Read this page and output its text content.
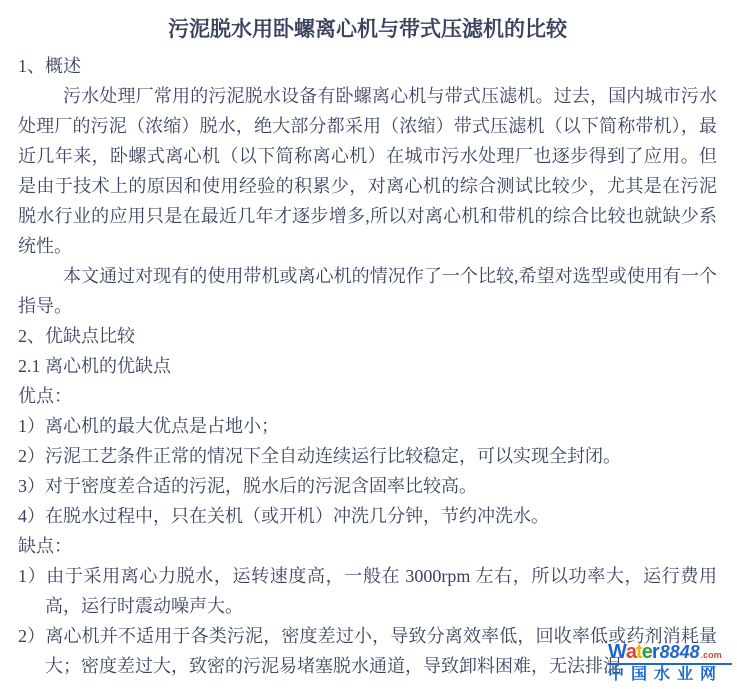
污泥脱水用卧螺离心机与带式压滤机的比较
1、概述
污水处理厂常用的污泥脱水设备有卧螺离心机与带式压滤机。过去，国内城市污水处理厂的污泥（浓缩）脱水，绝大部分都采用（浓缩）带式压滤机（以下简称带机），最近几年来，卧螺式离心机（以下简称离心机）在城市污水处理厂也逐步得到了应用。但是由于技术上的原因和使用经验的积累少，对离心机的综合测试比较少，尤其是在污泥脱水行业的应用只是在最近几年才逐步增多,所以对离心机和带机的综合比较也就缺少系统性。
本文通过对现有的使用带机或离心机的情况作了一个比较,希望对选型或使用有一个指导。
2、优缺点比较
2.1 离心机的优缺点
优点：
1）离心机的最大优点是占地小；
2）污泥工艺条件正常的情况下全自动连续运行比较稳定，可以实现全封闭。
3）对于密度差合适的污泥，脱水后的污泥含固率比较高。
4）在脱水过程中，只在关机（或开机）冲洗几分钟，节约冲洗水。
缺点：
1）由于采用离心力脱水，运转速度高，一般在 3000rpm 左右，所以功率大，运行费用高，运行时震动噪声大。
2）离心机并不适用于各类污泥，密度差过小，导致分离效率低，回收率低或药剂消耗量大；密度差过大，致密的污泥易堵塞脱水通道，导致卸料困难，无法排泥
W a t e r 8848 .com
中国水业网
